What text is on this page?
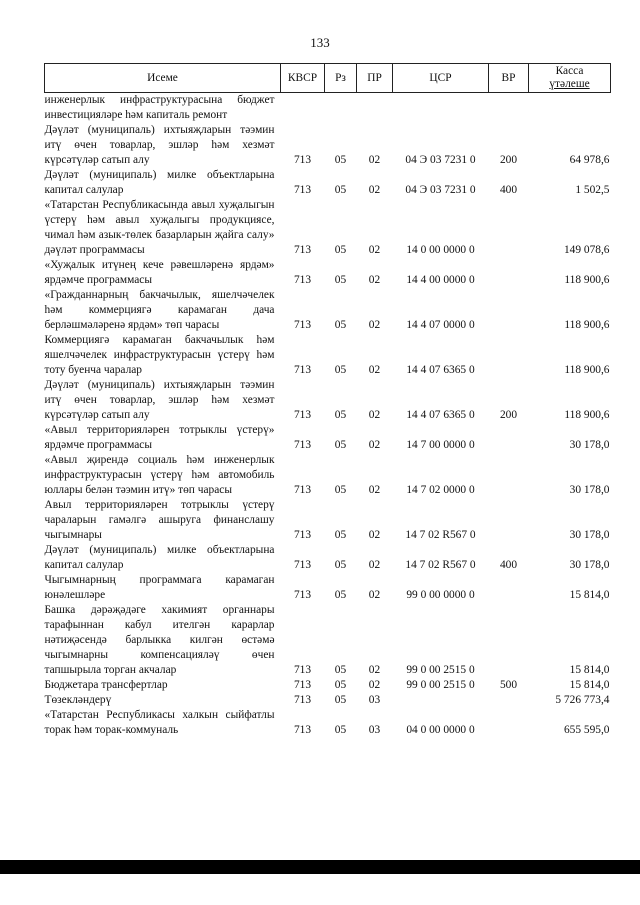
133
Исеме	КВСР	Рз	ПР	ЦСР	ВР	Касса
үтәлеше

инженерлык инфраструктурасына бюджет инвестицияләре һәм капиталь ремонт						
Дәүләт (муниципаль) ихтыяҗларын тәэмин итү өчен товарлар, эшләр һәм хезмәт күрсәтүләр сатып алу	713	05	02	04 Э 03 7231 0	200	64 978,6
Дәүләт (муниципаль) милке объектларына капитал салулар	713	05	02	04 Э 03 7231 0	400	1 502,5
«Татарстан Республикасында авыл хуҗалыгын үстерү һәм авыл хуҗалыгы продукциясе, чимал һәм азык-төлек базарларын җайга салу» дәүләт программасы	713	05	02	14 0 00 0000 0		149 078,6
«Хуҗалык итүнең кече рәвешләренә ярдәм» ярдәмче программасы	713	05	02	14 4 00 0000 0		118 900,6
«Гражданнарның бакчачылык, яшелчәчелек һәм коммерциягә карамаган дача берләшмәләренә ярдәм» төп чарасы	713	05	02	14 4 07 0000 0		118 900,6
Коммерциягә карамаган бакчачылык һәм яшелчәчелек инфраструктурасын үстерү һәм тоту буенча чаралар	713	05	02	14 4 07 6365 0		118 900,6
Дәүләт (муниципаль) ихтыяҗларын тәэмин итү өчен товарлар, эшләр һәм хезмәт күрсәтүләр сатып алу	713	05	02	14 4 07 6365 0	200	118 900,6
«Авыл территорияләрен тотрыклы үстерү» ярдәмче программасы	713	05	02	14 7 00 0000 0		30 178,0
«Авыл җирендә социаль һәм инженерлык инфраструктурасын үстерү һәм автомобиль юллары белән тәэмин итү» төп чарасы	713	05	02	14 7 02 0000 0		30 178,0
Авыл территорияләрен тотрыклы үстерү чараларын гамәлгә ашыруга финанслашу чыгымнары	713	05	02	14 7 02 R567 0		30 178,0
Дәүләт (муниципаль) милке объектларына капитал салулар	713	05	02	14 7 02 R567 0	400	30 178,0
Чыгымнарның программага карамаган юнәлешләре	713	05	02	99 0 00 0000 0		15 814,0
Башка дәрәҗәдәге хакимият органнары тарафыннан кабул ителгән карарлар нәтиҗәсендә барлыкка килгән өстәмә чыгымнарны компенсацияләү өчен тапшырыла торган акчалар	713	05	02	99 0 00 2515 0		15 814,0
Бюджетара трансфертлар	713	05	02	99 0 00 2515 0	500	15 814,0
Төзекләндерү	713	05	03			5 726 773,4
«Татарстан Республикасы халкын сыйфатлы торак һәм торак-коммуналь	713	05	03	04 0 00 0000 0		655 595,0
